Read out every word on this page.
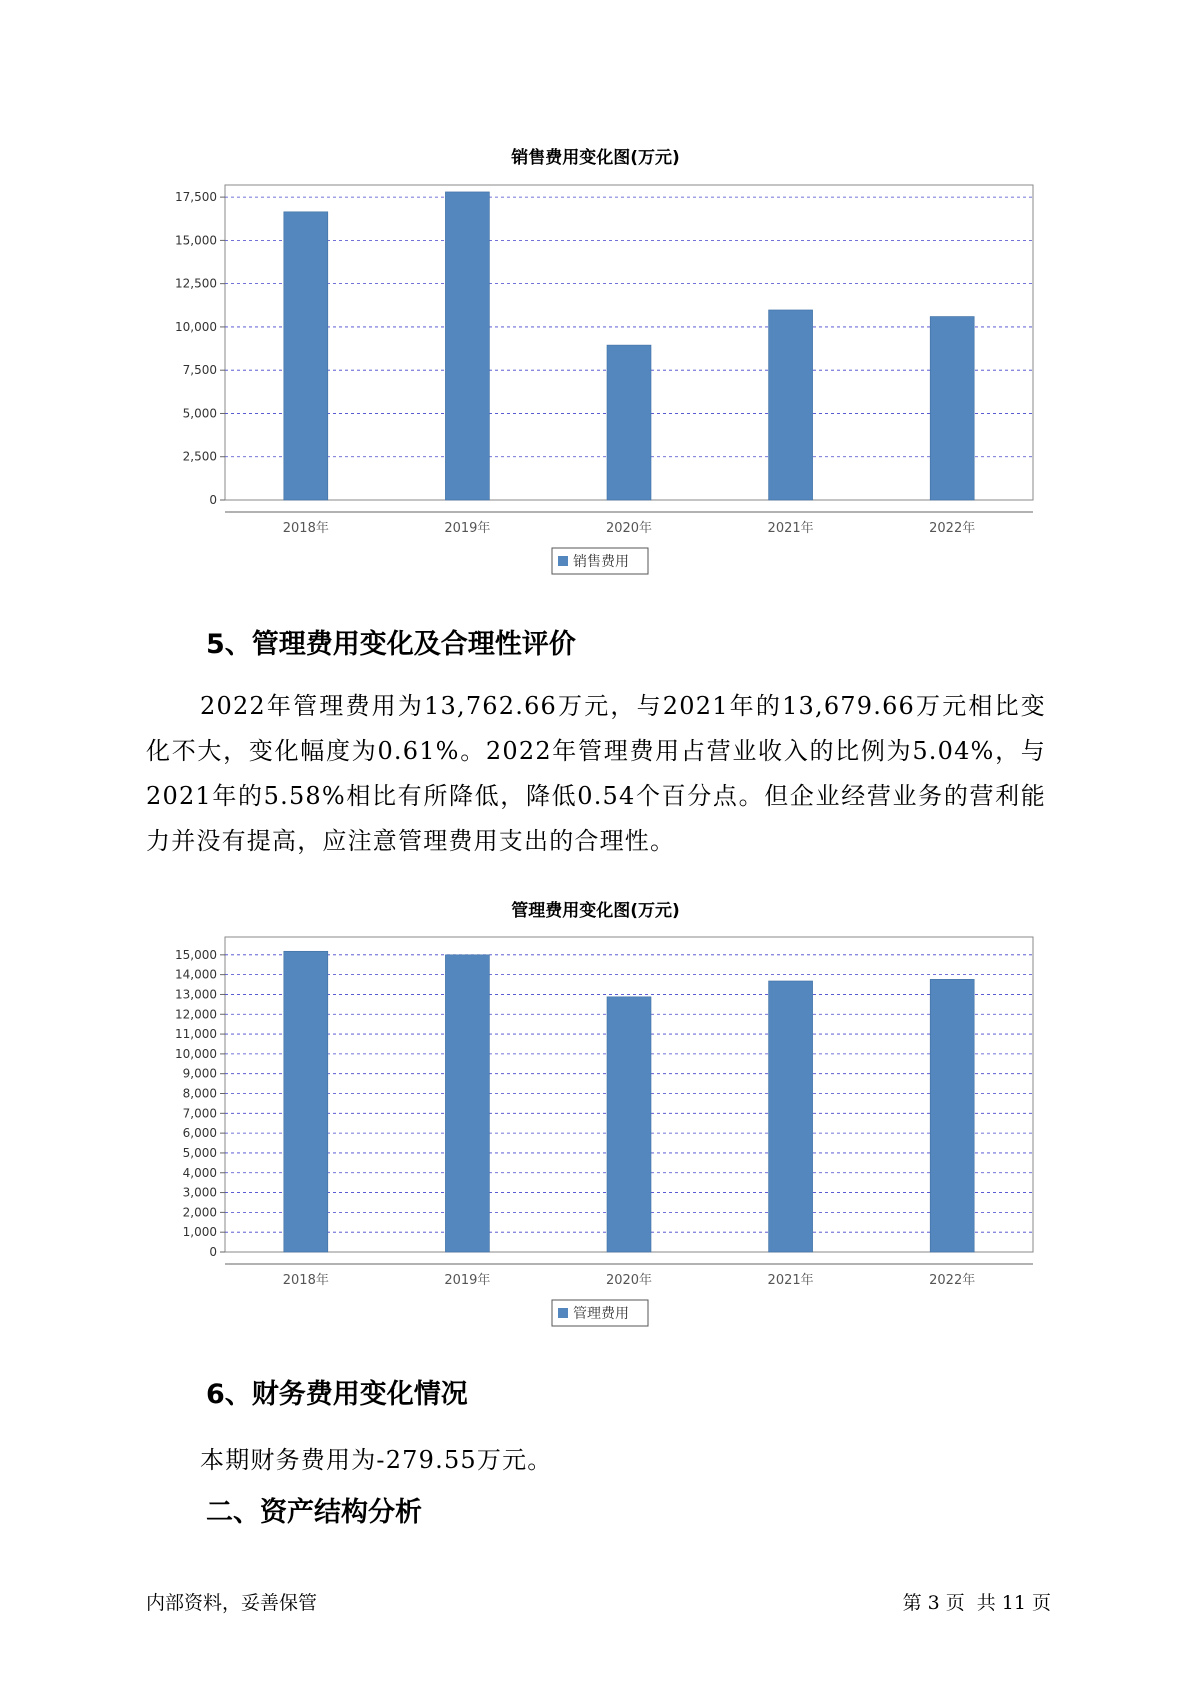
销售费用变化图(万元)
0
2,500
5,000
7,500
10,000
12,500
15,000
17,500
2018年	2019年	2020年	2021年	2022年
销售费用
5、管理费用变化及合理性评价

2022年管理费用为13,762.66万元，与2021年的13,679.66万元相比变化不大，变化幅度为0.61%。2022年管理费用占营业收入的比例为5.04%，与2021年的5.58%相比有所降低，降低0.54个百分点。但企业经营业务的营利能力并没有提高，应注意管理费用支出的合理性。

管理费用变化图(万元)
0
1,000
2,000
3,000
4,000
5,000
6,000
7,000
8,000
9,000
10,000
11,000
12,000
13,000
14,000
15,000
2018年	2019年	2020年	2021年	2022年
管理费用
6、财务费用变化情况

本期财务费用为-279.55万元。

二、资产结构分析
内部资料，妥善保管	第 3 页  共 11 页
